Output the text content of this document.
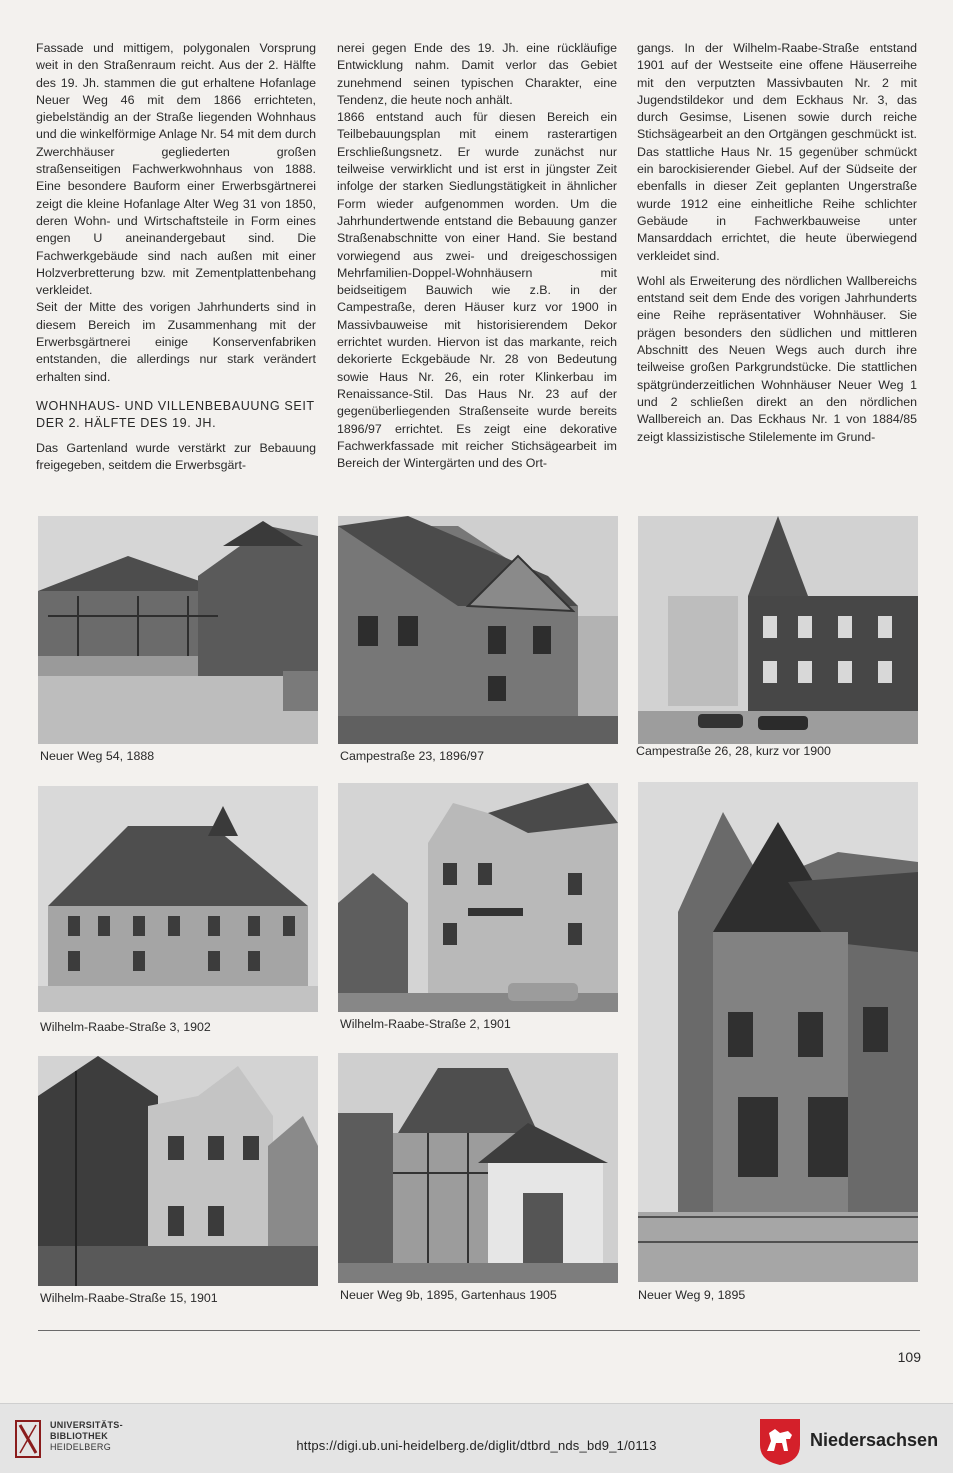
Fassade und mittigem, polygonalen Vorsprung weit in den Straßenraum reicht. Aus der 2. Hälfte des 19. Jh. stammen die gut erhaltene Hofanlage Neuer Weg 46 mit dem 1866 errichteten, giebelständig an der Straße liegenden Wohnhaus und die winkelförmige Anlage Nr. 54 mit dem durch Zwerchhäuser gegliederten großen straßenseitigen Fachwerkwohnhaus von 1888. Eine besondere Bauform einer Erwerbsgärtnerei zeigt die kleine Hofanlage Alter Weg 31 von 1850, deren Wohn- und Wirtschaftsteile in Form eines engen U aneinandergebaut sind. Die Fachwerkgebäude sind nach außen mit einer Holzverbretterung bzw. mit Zementplattenbehang verkleidet.

Seit der Mitte des vorigen Jahrhunderts sind in diesem Bereich im Zusammenhang mit der Erwerbsgärtnerei einige Konservenfabriken entstanden, die allerdings nur stark verändert erhalten sind.

WOHNHAUS- UND VILLENBEBAUUNG SEIT DER 2. HÄLFTE DES 19. JH.

Das Gartenland wurde verstärkt zur Bebauung freigegeben, seitdem die Erwerbsgärt-

nerei gegen Ende des 19. Jh. eine rückläufige Entwicklung nahm. Damit verlor das Gebiet zunehmend seinen typischen Charakter, eine Tendenz, die heute noch anhält.

1866 entstand auch für diesen Bereich ein Teilbebauungsplan mit einem rasterartigen Erschließungsnetz. Er wurde zunächst nur teilweise verwirklicht und ist erst in jüngster Zeit infolge der starken Siedlungstätigkeit in ähnlicher Form wieder aufgenommen worden. Um die Jahrhundertwende entstand die Bebauung ganzer Straßenabschnitte von einer Hand. Sie bestand vorwiegend aus zwei- und dreigeschossigen Mehrfamilien-Doppel-Wohnhäusern mit beidseitigem Bauwich wie z.B. in der Campestraße, deren Häuser kurz vor 1900 in Massivbauweise mit historisierendem Dekor errichtet wurden. Hiervon ist das markante, reich dekorierte Eckgebäude Nr. 28 von Bedeutung sowie Haus Nr. 26, ein roter Klinkerbau im Renaissance-Stil. Das Haus Nr. 23 auf der gegenüberliegenden Straßenseite wurde bereits 1896/97 errichtet. Es zeigt eine dekorative Fachwerkfassade mit reicher Stichsägearbeit im Bereich der Wintergärten und des Ort-

gangs. In der Wilhelm-Raabe-Straße entstand 1901 auf der Westseite eine offene Häuserreihe mit den verputzten Massivbauten Nr. 2 mit Jugendstildekor und dem Eckhaus Nr. 3, das durch Gesimse, Lisenen sowie durch reiche Stichsägearbeit an den Ortgängen geschmückt ist. Das stattliche Haus Nr. 15 gegenüber schmückt ein barockisierender Giebel. Auf der Südseite der ebenfalls in dieser Zeit geplanten Ungerstraße wurde 1912 eine einheitliche Reihe schlichter Gebäude in Fachwerkbauweise unter Mansarddach errichtet, die heute überwiegend verkleidet sind.

Wohl als Erweiterung des nördlichen Wallbereichs entstand seit dem Ende des vorigen Jahrhunderts eine Reihe repräsentativer Wohnhäuser. Sie prägen besonders den südlichen und mittleren Abschnitt des Neuen Wegs auch durch ihre teilweise großen Parkgrundstücke. Die stattlichen spätgründerzeitlichen Wohnhäuser Neuer Weg 1 und 2 schließen direkt an den nördlichen Wallbereich an. Das Eckhaus Nr. 1 von 1884/85 zeigt klassizistische Stilelemente im Grund-

Neuer Weg 54, 1888	Campestraße 23, 1896/97	Campestraße 26, 28, kurz vor 1900
Wilhelm-Raabe-Straße 3, 1902	Wilhelm-Raabe-Straße 2, 1901
Neuer Weg 9, 1895
Wilhelm-Raabe-Straße 15, 1901	Neuer Weg 9b, 1895, Gartenhaus 1905
109
UNIVERSITÄTS-
BIBLIOTHEK
HEIDELBERG	https://digi.ub.uni-heidelberg.de/diglit/dtbrd_nds_bd9_1/0113	Niedersachsen
